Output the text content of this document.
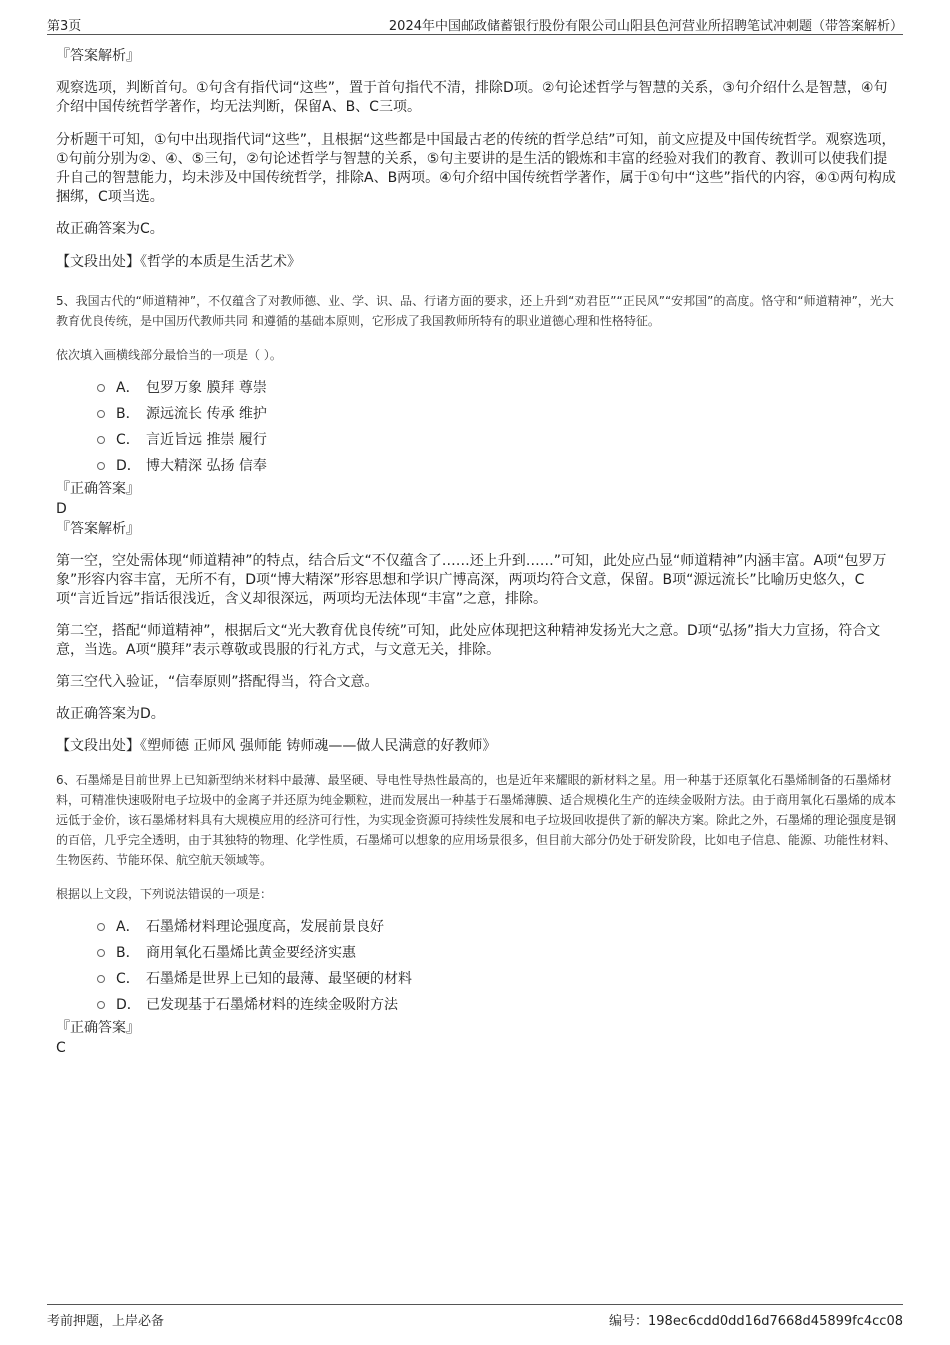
第3页	2024年中国邮政储蓄银行股份有限公司山阳县色河营业所招聘笔试冲刺题（带答案解析）

『答案解析』

观察选项，判断首句。①句含有指代词“这些”，置于首句指代不清，排除D项。②句论述哲学与智慧的关系，③句介绍什么是智慧，④句介绍中国传统哲学著作，均无法判断，保留A、B、C三项。

分析题干可知，①句中出现指代词“这些”，且根据“这些都是中国最古老的传统的哲学总结”可知，前文应提及中国传统哲学。观察选项，①句前分别为②、④、⑤三句，②句论述哲学与智慧的关系，⑤句主要讲的是生活的锻炼和丰富的经验对我们的教育、教训可以使我们提升自己的智慧能力，均未涉及中国传统哲学，排除A、B两项。④句介绍中国传统哲学著作，属于①句中“这些”指代的内容，④①两句构成捆绑，C项当选。

故正确答案为C。

【文段出处】《哲学的本质是生活艺术》

5、我国古代的“师道精神”，不仅蕴含了对教师德、业、学、识、品、行诸方面的要求，还上升到“劝君臣”“正民风”“安邦国”的高度。恪守和“师道精神”，光大教育优良传统，是中国历代教师共同 和遵循的基础本原则，它形成了我国教师所特有的职业道德心理和性格特征。

依次填入画横线部分最恰当的一项是（ ）。

A． 包罗万象 膜拜 尊崇
B． 源远流长 传承 维护
C． 言近旨远 推崇 履行
D． 博大精深 弘扬 信奉

『正确答案』

D

『答案解析』

第一空，空处需体现“师道精神”的特点，结合后文“不仅蕴含了……还上升到……”可知，此处应凸显“师道精神”内涵丰富。A项“包罗万象”形容内容丰富，无所不有，D项“博大精深”形容思想和学识广博高深，两项均符合文意，保留。B项“源远流长”比喻历史悠久，C项“言近旨远”指话很浅近，含义却很深远，两项均无法体现“丰富”之意，排除。

第二空，搭配“师道精神”，根据后文“光大教育优良传统”可知，此处应体现把这种精神发扬光大之意。D项“弘扬”指大力宣扬，符合文意，当选。A项“膜拜”表示尊敬或畏服的行礼方式，与文意无关，排除。

第三空代入验证，“信奉原则”搭配得当，符合文意。

故正确答案为D。

【文段出处】《塑师德 正师风 强师能 铸师魂——做人民满意的好教师》

6、石墨烯是目前世界上已知新型纳米材料中最薄、最坚硬、导电性导热性最高的，也是近年来耀眼的新材料之星。用一种基于还原氧化石墨烯制备的石墨烯材料，可精准快速吸附电子垃圾中的金离子并还原为纯金颗粒，进而发展出一种基于石墨烯薄膜、适合规模化生产的连续金吸附方法。由于商用氧化石墨烯的成本远低于金价，该石墨烯材料具有大规模应用的经济可行性，为实现金资源可持续性发展和电子垃圾回收提供了新的解决方案。除此之外，石墨烯的理论强度是钢的百倍，几乎完全透明，由于其独特的物理、化学性质，石墨烯可以想象的应用场景很多，但目前大部分仍处于研发阶段，比如电子信息、能源、功能性材料、生物医药、节能环保、航空航天领域等。

根据以上文段，下列说法错误的一项是：

A． 石墨烯材料理论强度高，发展前景良好
B． 商用氧化石墨烯比黄金要经济实惠
C． 石墨烯是世界上已知的最薄、最坚硬的材料
D． 已发现基于石墨烯材料的连续金吸附方法

『正确答案』

C

考前押题，上岸必备	编号：198ec6cdd0dd16d7668d45899fc4cc08
